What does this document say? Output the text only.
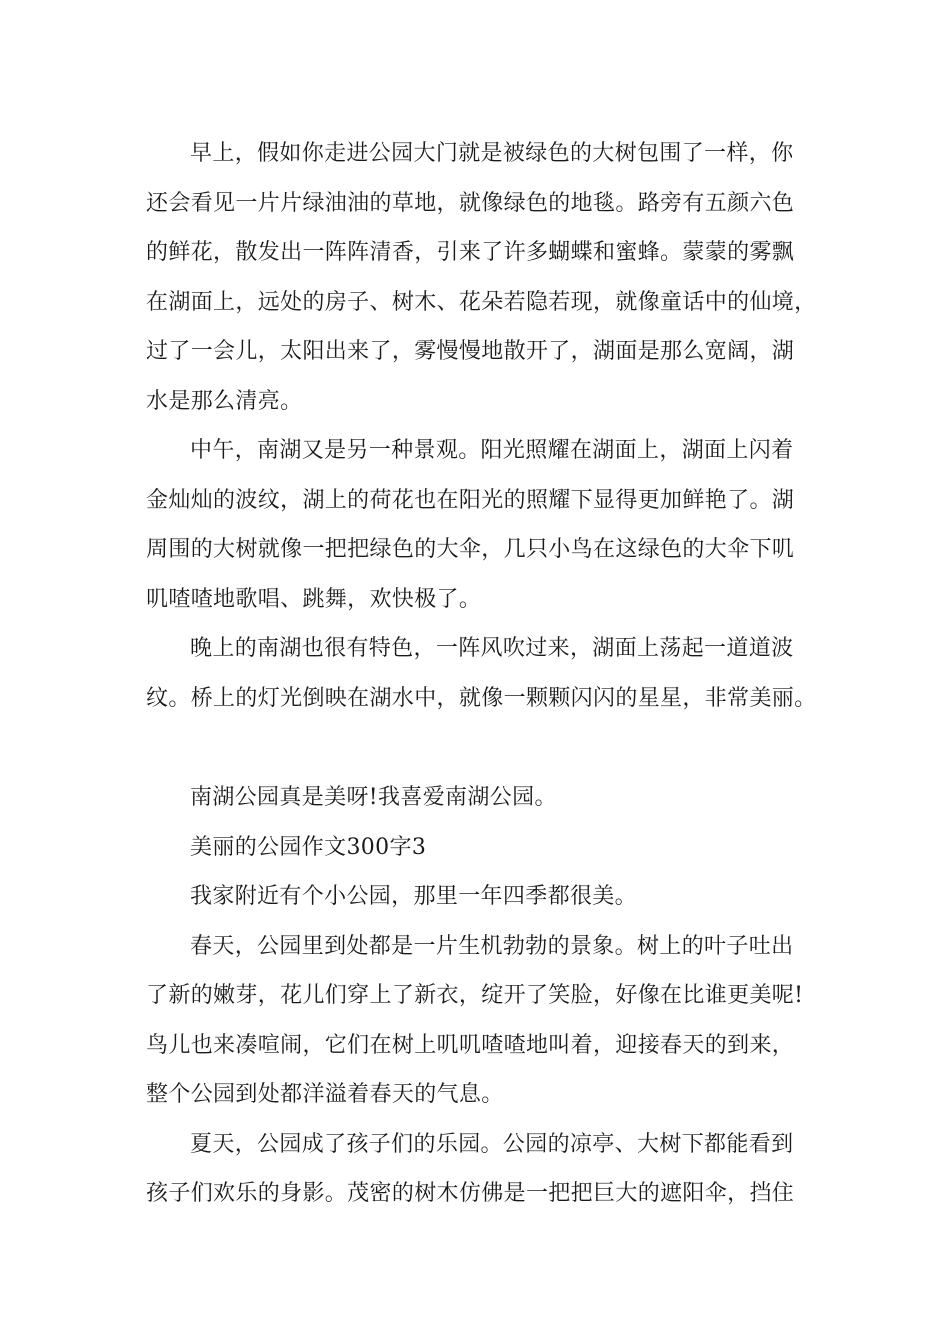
早上，假如你走进公园大门就是被绿色的大树包围了一样，你
还会看见一片片绿油油的草地，就像绿色的地毯。路旁有五颜六色
的鲜花，散发出一阵阵清香，引来了许多蝴蝶和蜜蜂。蒙蒙的雾飘
在湖面上，远处的房子、树木、花朵若隐若现，就像童话中的仙境，
过了一会儿，太阳出来了，雾慢慢地散开了，湖面是那么宽阔，湖
水是那么清亮。
中午，南湖又是另一种景观。阳光照耀在湖面上，湖面上闪着
金灿灿的波纹，湖上的荷花也在阳光的照耀下显得更加鲜艳了。湖
周围的大树就像一把把绿色的大伞，几只小鸟在这绿色的大伞下叽
叽喳喳地歌唱、跳舞，欢快极了。
晚上的南湖也很有特色，一阵风吹过来，湖面上荡起一道道波
纹。桥上的灯光倒映在湖水中，就像一颗颗闪闪的星星，非常美丽。
南湖公园真是美呀!我喜爱南湖公园。
美丽的公园作文300字3
我家附近有个小公园，那里一年四季都很美。
春天，公园里到处都是一片生机勃勃的景象。树上的叶子吐出
了新的嫩芽，花儿们穿上了新衣，绽开了笑脸，好像在比谁更美呢!
鸟儿也来凑喧闹，它们在树上叽叽喳喳地叫着，迎接春天的到来，
整个公园到处都洋溢着春天的气息。
夏天，公园成了孩子们的乐园。公园的凉亭、大树下都能看到
孩子们欢乐的身影。茂密的树木仿佛是一把把巨大的遮阳伞，挡住
